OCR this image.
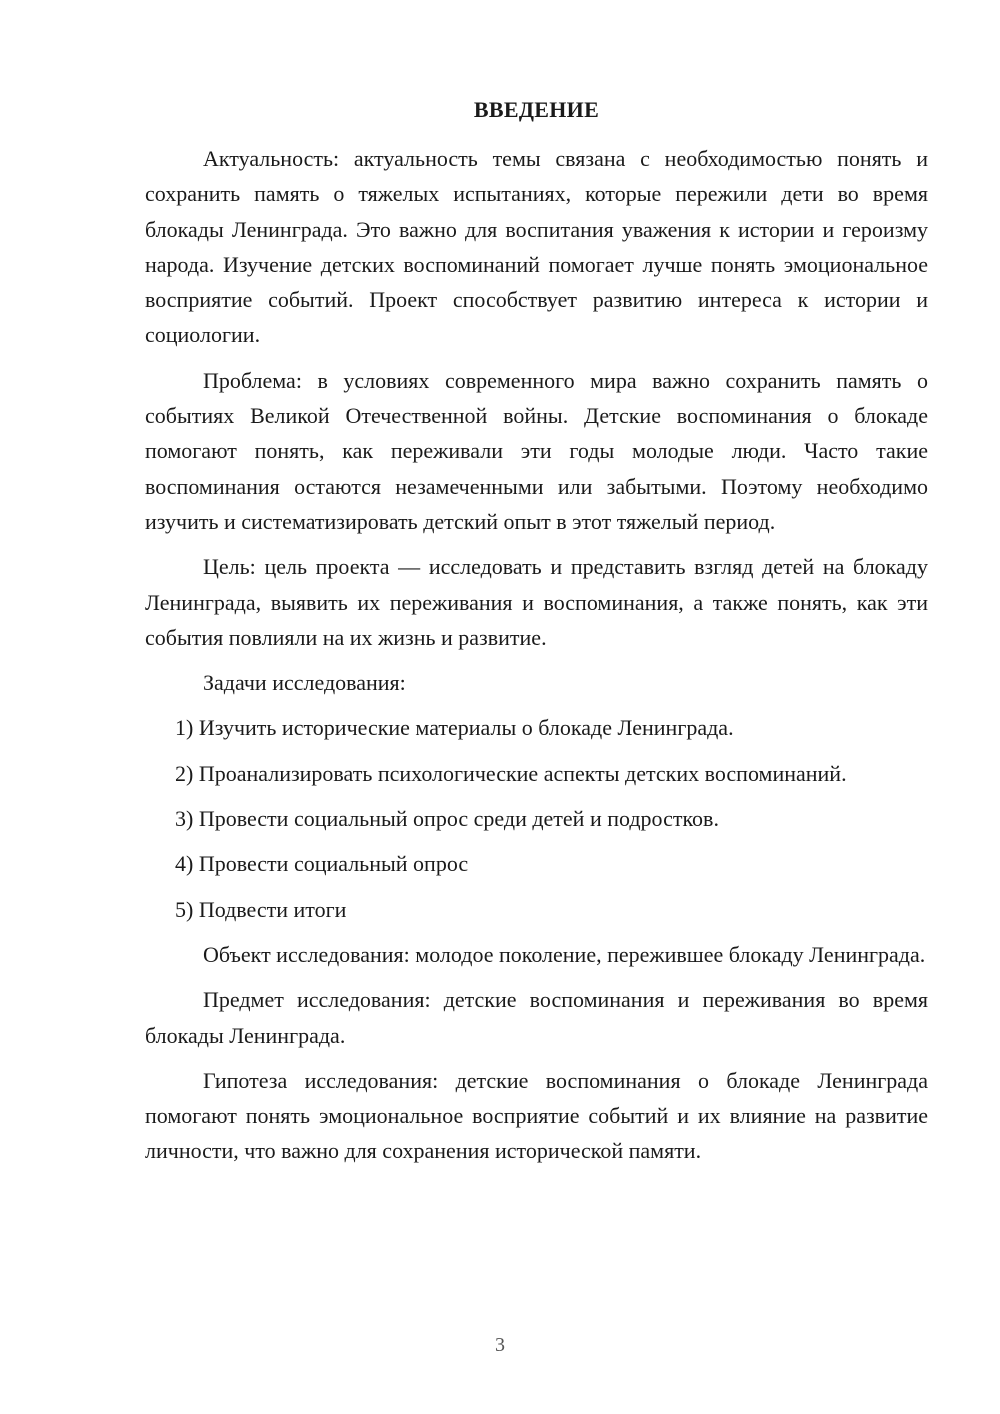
ВВЕДЕНИЕ

Актуальность: актуальность темы связана с необходимостью понять и сохранить память о тяжелых испытаниях, которые пережили дети во время блокады Ленинграда. Это важно для воспитания уважения к истории и героизму народа. Изучение детских воспоминаний помогает лучше понять эмоциональное восприятие событий. Проект способствует развитию интереса к истории и социологии.

Проблема: в условиях современного мира важно сохранить память о событиях Великой Отечественной войны. Детские воспоминания о блокаде помогают понять, как переживали эти годы молодые люди. Часто такие воспоминания остаются незамеченными или забытыми. Поэтому необходимо изучить и систематизировать детский опыт в этот тяжелый период.

Цель: цель проекта — исследовать и представить взгляд детей на блокаду Ленинграда, выявить их переживания и воспоминания, а также понять, как эти события повлияли на их жизнь и развитие.

Задачи исследования:

1) Изучить исторические материалы о блокаде Ленинграда.

2) Проанализировать психологические аспекты детских воспоминаний.

3) Провести социальный опрос среди детей и подростков.

4) Провести социальный опрос

5) Подвести итоги

Объект исследования: молодое поколение, пережившее блокаду Ленинграда.

Предмет исследования: детские воспоминания и переживания во время блокады Ленинграда.

Гипотеза исследования: детские воспоминания о блокаде Ленинграда помогают понять эмоциональное восприятие событий и их влияние на развитие личности, что важно для сохранения исторической памяти.

3
